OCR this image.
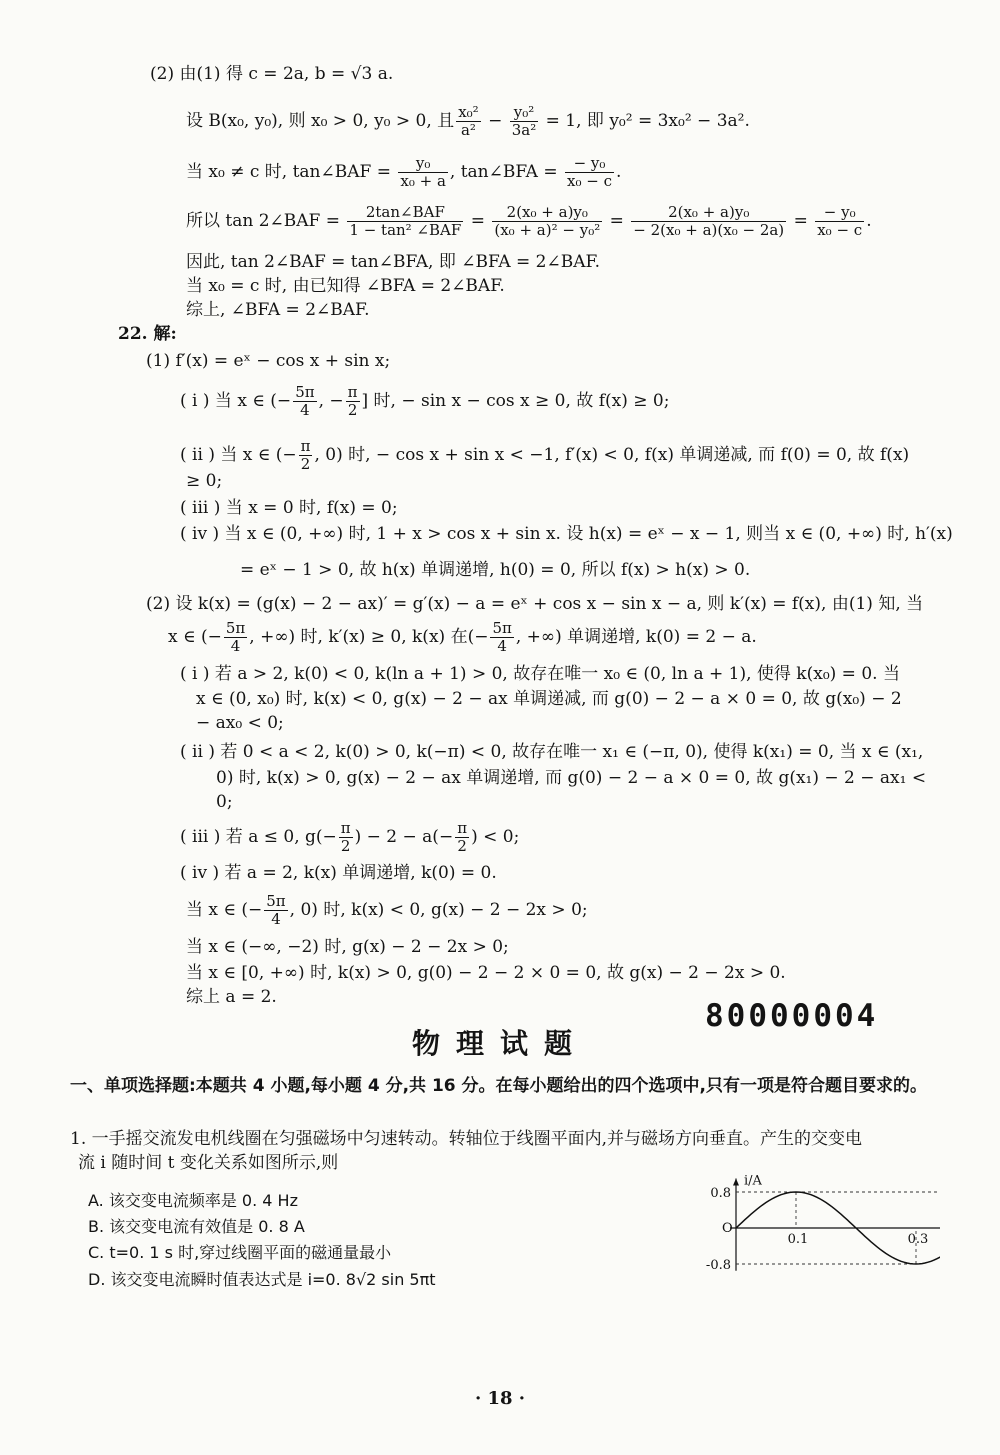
(2) 由(1) 得 c = 2a, b = √3 a.
设 B(x₀, y₀), 则 x₀ > 0, y₀ > 0, 且 $\frac{\text{x₀²}}{\text{a²}} - \frac{\text{y₀²}}{\text{3a²}} = 1$, 即 y₀² = 3x₀² − 3a².
当 x₀ ≠ c 时, tan∠BAF = $\frac{\text{y₀}}{\text{x₀ + a}}$ , tan∠BFA = $\frac{\text{− y₀}}{\text{x₀ − c}}$ .
所以 tan 2∠BAF = $\frac{\text{2tan∠BAF}}{\text{1 − tan² ∠BAF}} = \frac{\text{2(x₀ + a)y₀}}{\text{(x₀ + a)² − y₀²}} = \frac{\text{2(x₀ + a)y₀}}{\text{− 2(x₀ + a)(x₀ − 2a)}} = \frac{\text{− y₀}}{\text{x₀ − c}}$ .
因此, tan 2∠BAF = tan∠BFA, 即 ∠BFA = 2∠BAF.
当 x₀ = c 时, 由已知得 ∠BFA = 2∠BAF.
综上, ∠BFA = 2∠BAF.
22. 解:
(1) f′(x) = eˣ − cos x + sin x;
( i ) 当 x ∈ (− $\frac{5\pi}{4}$ , − $\frac{\pi}{2}$ ] 时, − sin x − cos x ≥ 0, 故 f(x) ≥ 0;
( ii ) 当 x ∈ (− $\frac{\pi}{2}$ , 0) 时, − cos x + sin x < −1, f′(x) < 0, f(x) 单调递减, 而 f(0) = 0, 故 f(x)
≥ 0;
( iii ) 当 x = 0 时, f(x) = 0;
( iv ) 当 x ∈ (0, +∞) 时, 1 + x > cos x + sin x. 设 h(x) = eˣ − x − 1, 则当 x ∈ (0, +∞) 时, h′(x)
= eˣ − 1 > 0, 故 h(x) 单调递增, h(0) = 0, 所以 f(x) > h(x) > 0.
(2) 设 k(x) = (g(x) − 2 − ax)′ = g′(x) − a = eˣ + cos x − sin x − a, 则 k′(x) = f(x), 由(1) 知, 当
x ∈ (− $\frac{5\pi}{4}$ , +∞) 时, k′(x) ≥ 0, k(x) 在(− $\frac{5\pi}{4}$ , +∞) 单调递增, k(0) = 2 − a.
( i ) 若 a > 2, k(0) < 0, k(ln a + 1) > 0, 故存在唯一 x₀ ∈ (0, ln a + 1), 使得 k(x₀) = 0. 当
x ∈ (0, x₀) 时, k(x) < 0, g(x) − 2 − ax 单调递减, 而 g(0) − 2 − a × 0 = 0, 故 g(x₀) − 2
− ax₀ < 0;
( ii ) 若 0 < a < 2, k(0) > 0, k(−π) < 0, 故存在唯一 x₁ ∈ (−π, 0), 使得 k(x₁) = 0, 当 x ∈ (x₁,
0) 时, k(x) > 0, g(x) − 2 − ax 单调递增, 而 g(0) − 2 − a × 0 = 0, 故 g(x₁) − 2 − ax₁ <
0;
( iii ) 若 a ≤ 0, $g(- \frac{\pi}{2}$ ) − $2 - a(- \frac{\pi}{2}$ ) < 0;
( iv ) 若 a = 2, k(x) 单调递增, k(0) = 0.
当 x ∈ (− $\frac{5\pi}{4}$ , 0) 时, k(x) < 0, g(x) − 2 − 2x > 0;
当 x ∈ (−∞, −2) 时, g(x) − 2 − 2x > 0;
当 x ∈ [0, +∞) 时, k(x) > 0, g(0) − 2 − 2 × 0 = 0, 故 g(x) − 2 − 2x > 0.
综上 a = 2.
80000004
物理试题
一、单项选择题:本题共 4 小题,每小题 4 分,共 16 分。在每小题给出的四个选项中,只有一项是符合题目要求的。
1. 一手摇交流发电机线圈在匀强磁场中匀速转动。转轴位于线圈平面内,并与磁场方向垂直。产生的交变电
流 i 随时间 t 变化关系如图所示,则
A. 该交变电流频率是 0. 4 Hz
B. 该交变电流有效值是 0. 8 A
C. t=0. 1 s 时,穿过线圈平面的磁通量最小
D. 该交变电流瞬时值表达式是 i=0. 8√2 sin 5πt
i/A
O
0.1	0.3
0.8
-0.8
· 18 ·
